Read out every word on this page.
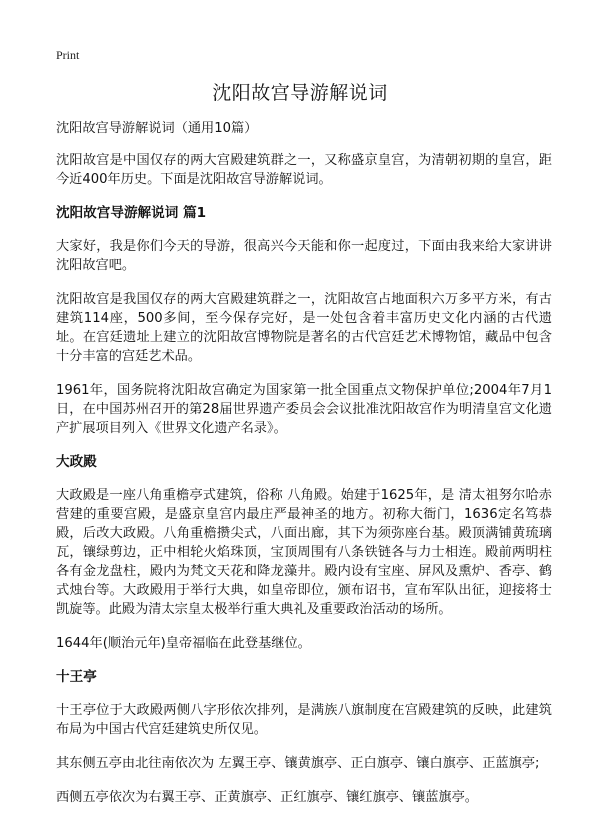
Print
沈阳故宫导游解说词

沈阳故宫导游解说词（通用10篇）

沈阳故宫是中国仅存的两大宫殿建筑群之一，又称盛京皇宫，为清朝初期的皇宫，距今近400年历史。下面是沈阳故宫导游解说词。

沈阳故宫导游解说词 篇1

大家好，我是你们今天的导游，很高兴今天能和你一起度过，下面由我来给大家讲讲沈阳故宫吧。

沈阳故宫是我国仅存的两大宫殿建筑群之一，沈阳故宫占地面积六万多平方米，有古建筑114座，500多间，至今保存完好，是一处包含着丰富历史文化内涵的古代遗址。在宫廷遗址上建立的沈阳故宫博物院是著名的古代宫廷艺术博物馆，藏品中包含十分丰富的宫廷艺术品。

1961年，国务院将沈阳故宫确定为国家第一批全国重点文物保护单位;2004年7月1日，在中国苏州召开的第28届世界遗产委员会会议批准沈阳故宫作为明清皇宫文化遗产扩展项目列入《世界文化遗产名录》。

大政殿

大政殿是一座八角重檐亭式建筑，俗称 八角殿。始建于1625年，是 清太祖努尔哈赤营建的重要宫殿，是盛京皇宫内最庄严最神圣的地方。初称大衙门，1636定名笃恭殿，后改大政殿。八角重檐攒尖式，八面出廊，其下为须弥座台基。殿顶满铺黄琉璃瓦，镶绿剪边，正中相轮火焰珠顶，宝顶周围有八条铁链各与力士相连。殿前两明柱各有金龙盘柱，殿内为梵文天花和降龙藻井。殿内设有宝座、屏风及熏炉、香亭、鹤式烛台等。大政殿用于举行大典，如皇帝即位，颁布诏书，宣布军队出征，迎接将士凯旋等。此殿为清太宗皇太极举行重大典礼及重要政治活动的场所。

1644年(顺治元年)皇帝福临在此登基继位。

十王亭

十王亭位于大政殿两侧八字形依次排列，是满族八旗制度在宫殿建筑的反映，此建筑布局为中国古代宫廷建筑史所仅见。

其东侧五亭由北往南依次为 左翼王亭、镶黄旗亭、正白旗亭、镶白旗亭、正蓝旗亭;

西侧五亭依次为右翼王亭、正黄旗亭、正红旗亭、镶红旗亭、镶蓝旗亭。
